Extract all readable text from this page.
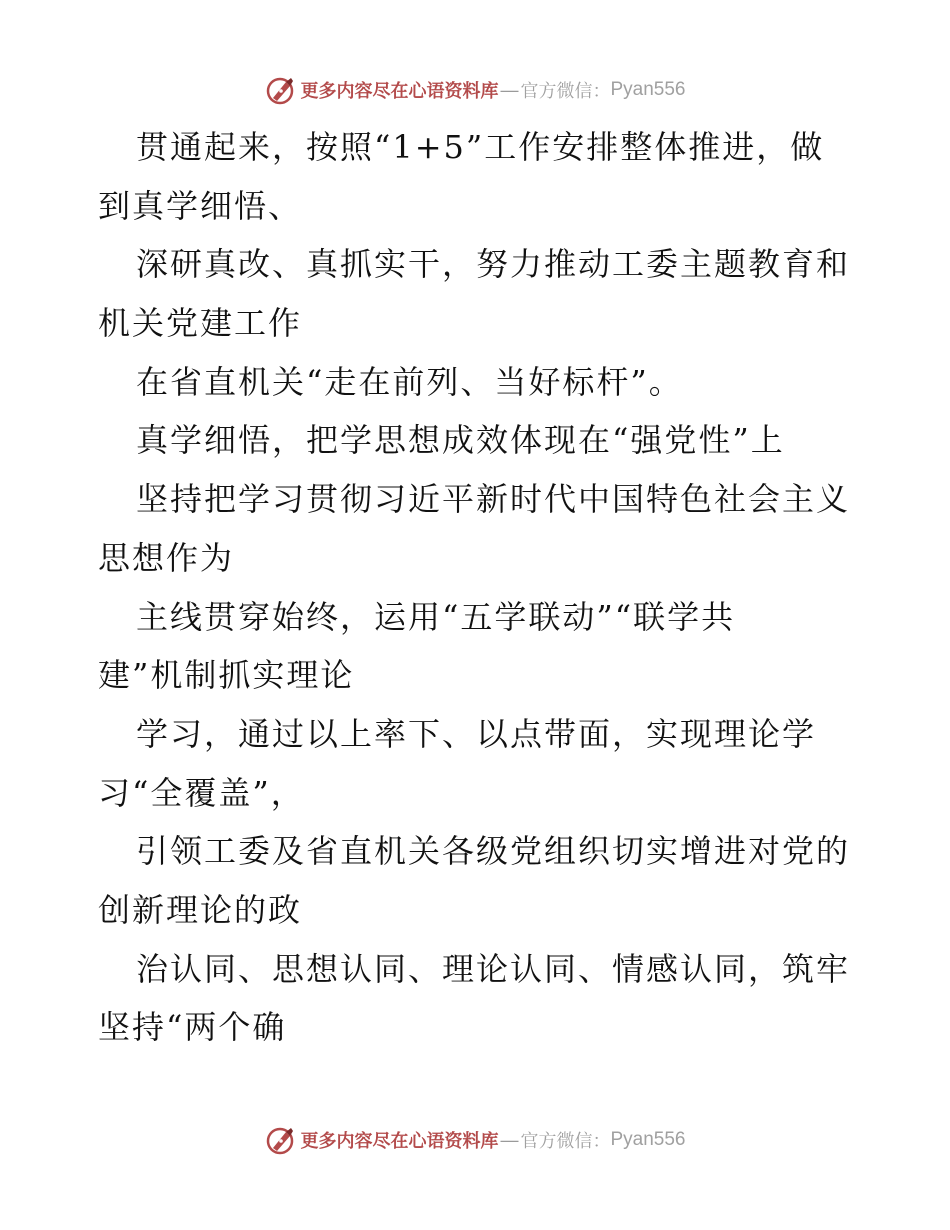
更多内容尽在心语资料库 — 官方微信： Pyan556
贯通起来，按照“1+5”工作安排整体推进，做
到真学细悟、
深研真改、真抓实干，努力推动工委主题教育和
机关党建工作
在省直机关“走在前列、当好标杆”。
真学细悟，把学思想成效体现在“强党性”上
坚持把学习贯彻习近平新时代中国特色社会主义
思想作为
主线贯穿始终，运用“五学联动”“联学共
建”机制抓实理论
学习，通过以上率下、以点带面，实现理论学
习“全覆盖”，
引领工委及省直机关各级党组织切实增进对党的
创新理论的政
治认同、思想认同、理论认同、情感认同，筑牢
坚持“两个确
更多内容尽在心语资料库 — 官方微信： Pyan556
